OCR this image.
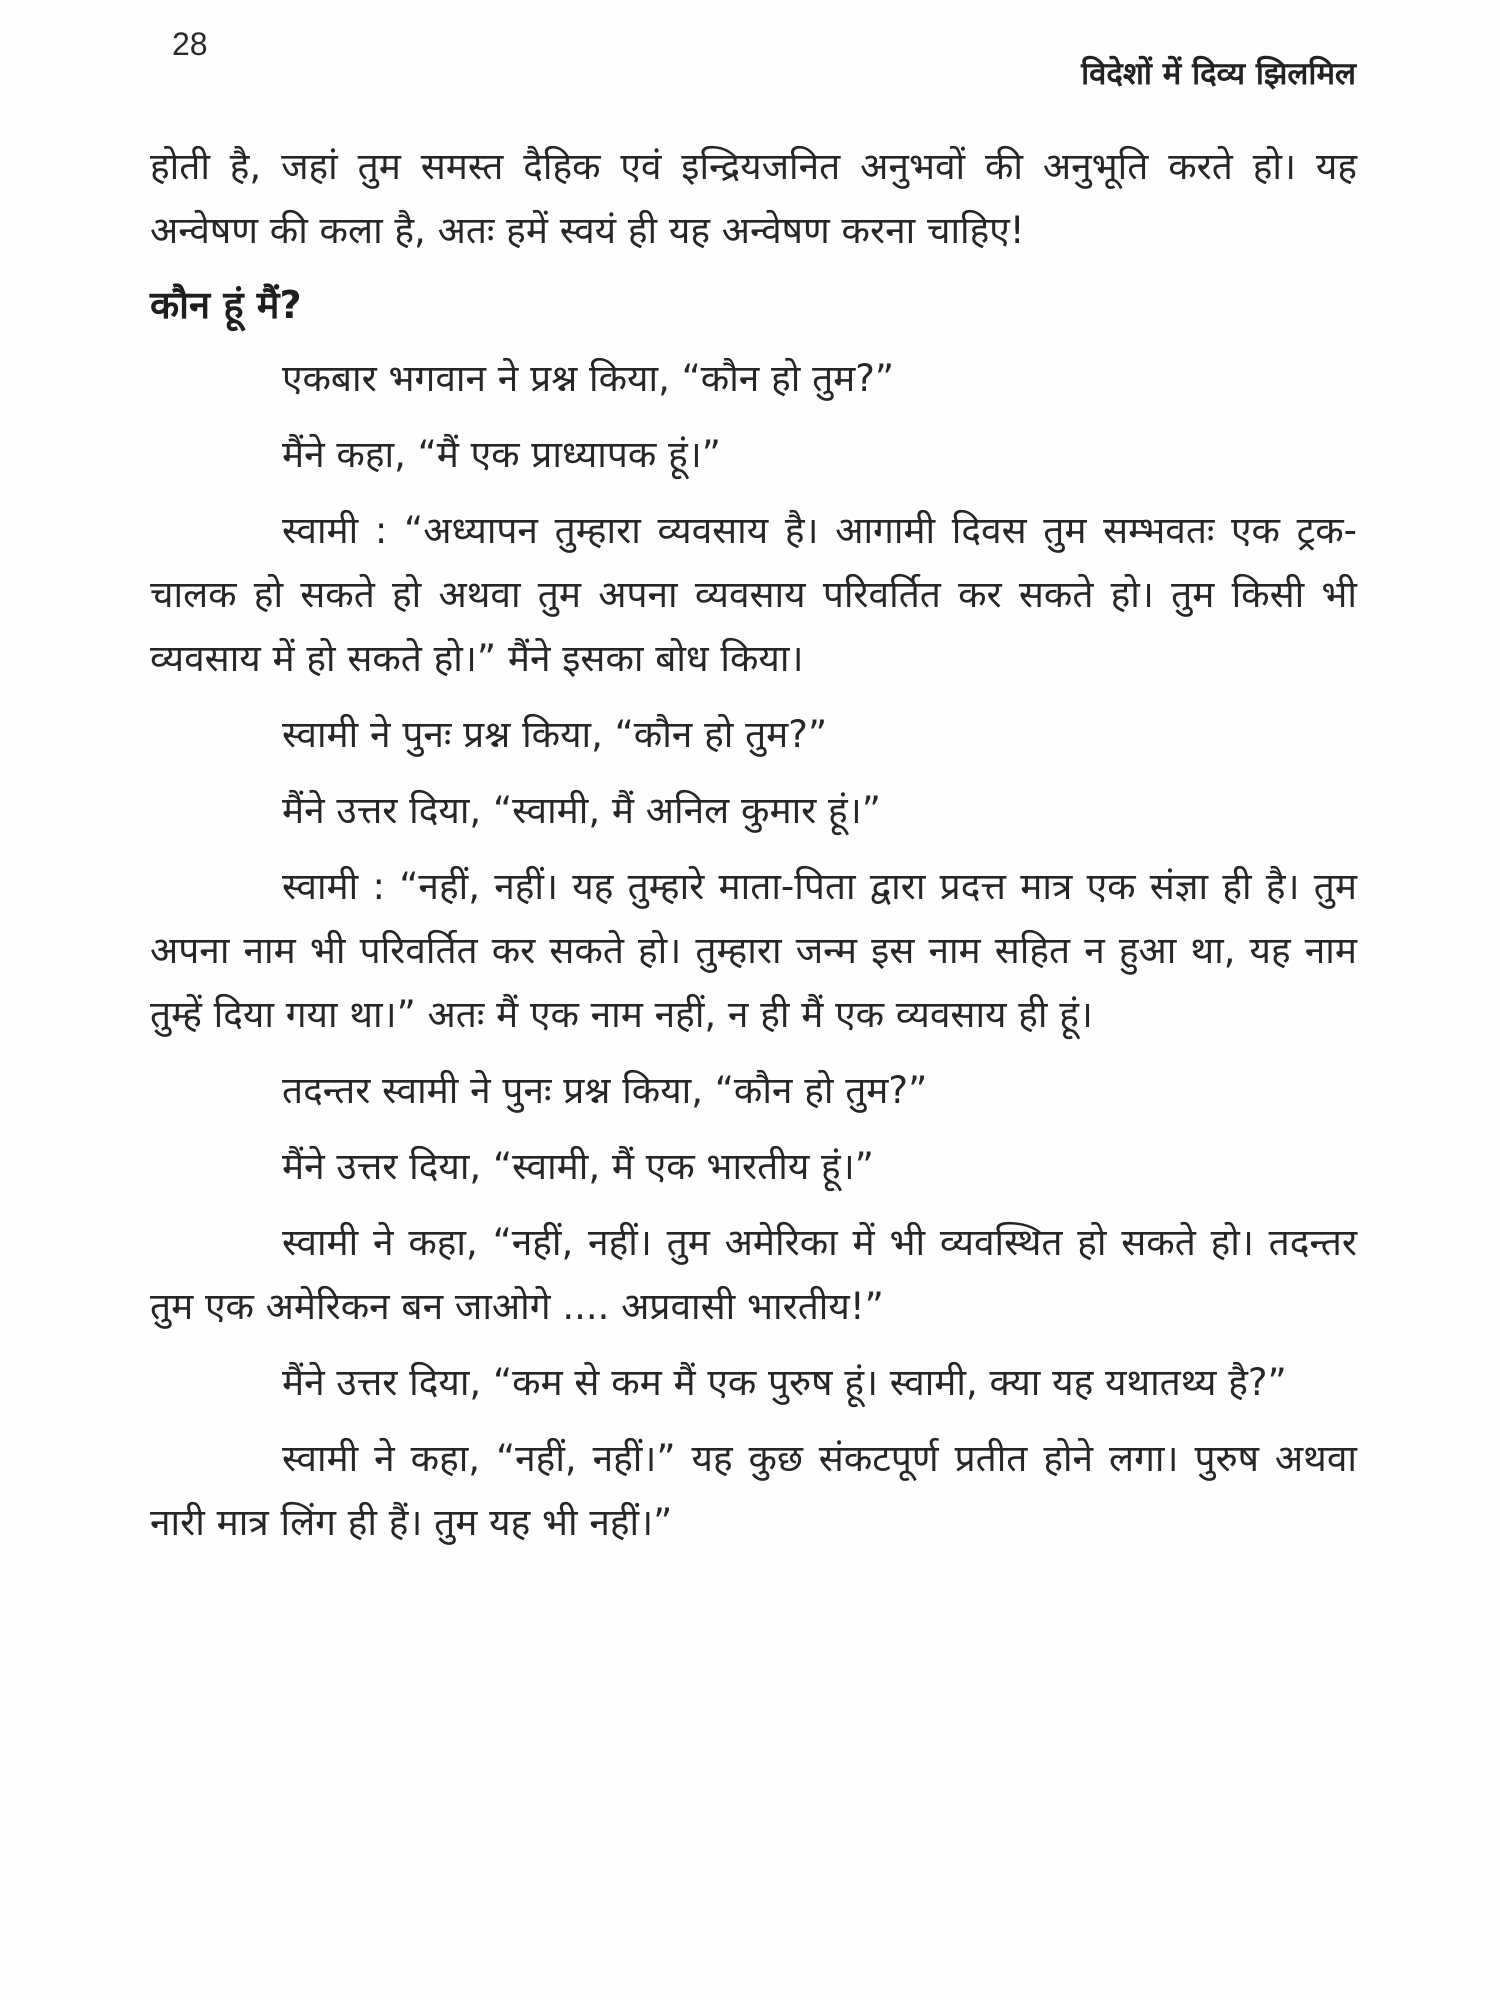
28
विदेशों में दिव्य झिलमिल

होती है, जहां तुम समस्त दैहिक एवं इन्द्रियजनित अनुभवों की अनुभूति करते हो। यह अन्वेषण की कला है, अतः हमें स्वयं ही यह अन्वेषण करना चाहिए!

कौन हूं मैं?

एकबार भगवान ने प्रश्न किया, “कौन हो तुम?”

मैंने कहा, “मैं एक प्राध्यापक हूं।”

स्वामी : “अध्यापन तुम्हारा व्यवसाय है। आगामी दिवस तुम सम्भवतः एक ट्रक-चालक हो सकते हो अथवा तुम अपना व्यवसाय परिवर्तित कर सकते हो। तुम किसी भी व्यवसाय में हो सकते हो।” मैंने इसका बोध किया।

स्वामी ने पुनः प्रश्न किया, “कौन हो तुम?”

मैंने उत्तर दिया, “स्वामी, मैं अनिल कुमार हूं।”

स्वामी : “नहीं, नहीं। यह तुम्हारे माता-पिता द्वारा प्रदत्त मात्र एक संज्ञा ही है। तुम अपना नाम भी परिवर्तित कर सकते हो। तुम्हारा जन्म इस नाम सहित न हुआ था, यह नाम तुम्हें दिया गया था।” अतः मैं एक नाम नहीं, न ही मैं एक व्यवसाय ही हूं।

तदन्तर स्वामी ने पुनः प्रश्न किया, “कौन हो तुम?”

मैंने उत्तर दिया, “स्वामी, मैं एक भारतीय हूं।”

स्वामी ने कहा, “नहीं, नहीं। तुम अमेरिका में भी व्यवस्थित हो सकते हो। तदन्तर तुम एक अमेरिकन बन जाओगे .... अप्रवासी भारतीय!”

मैंने उत्तर दिया, “कम से कम मैं एक पुरुष हूं। स्वामी, क्या यह यथातथ्य है?”

स्वामी ने कहा, “नहीं, नहीं।” यह कुछ संकटपूर्ण प्रतीत होने लगा। पुरुष अथवा नारी मात्र लिंग ही हैं। तुम यह भी नहीं।”
